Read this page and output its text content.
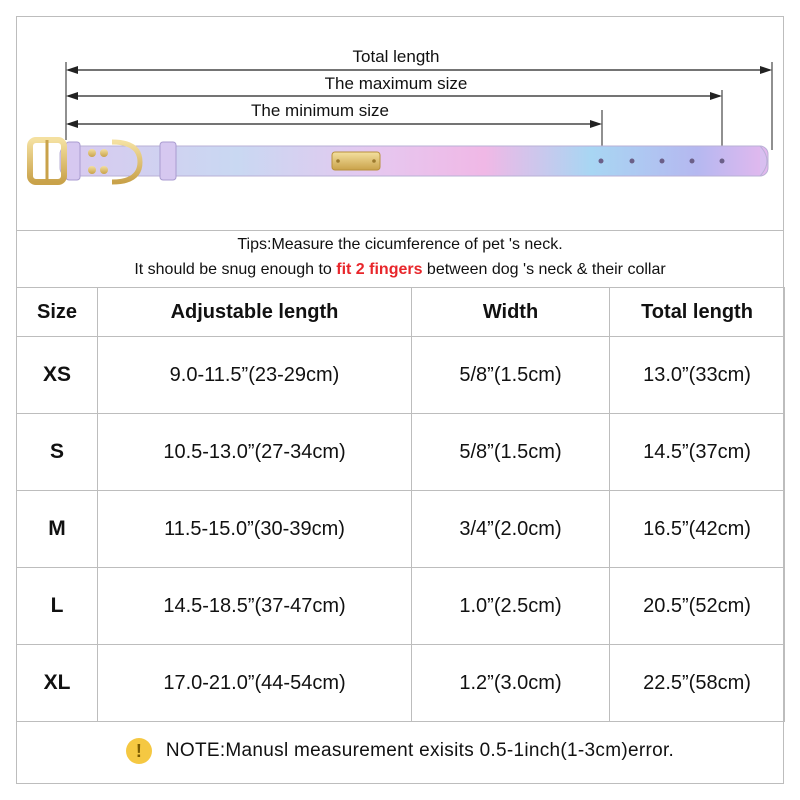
Total length
The maximum size
The minimum size
Tips:Measure the cicumference of pet 's neck.
It should be snug enough to fit 2 fingers between dog 's neck & their collar
Size	Adjustable length	Width	Total length
XS	9.0-11.5”(23-29cm)	5/8”(1.5cm)	13.0”(33cm)
S	10.5-13.0”(27-34cm)	5/8”(1.5cm)	14.5”(37cm)
M	11.5-15.0”(30-39cm)	3/4”(2.0cm)	16.5”(42cm)
L	14.5-18.5”(37-47cm)	1.0”(2.5cm)	20.5”(52cm)
XL	17.0-21.0”(44-54cm)	1.2”(3.0cm)	22.5”(58cm)
!	NOTE:Manusl measurement exisits 0.5-1inch(1-3cm)error.
